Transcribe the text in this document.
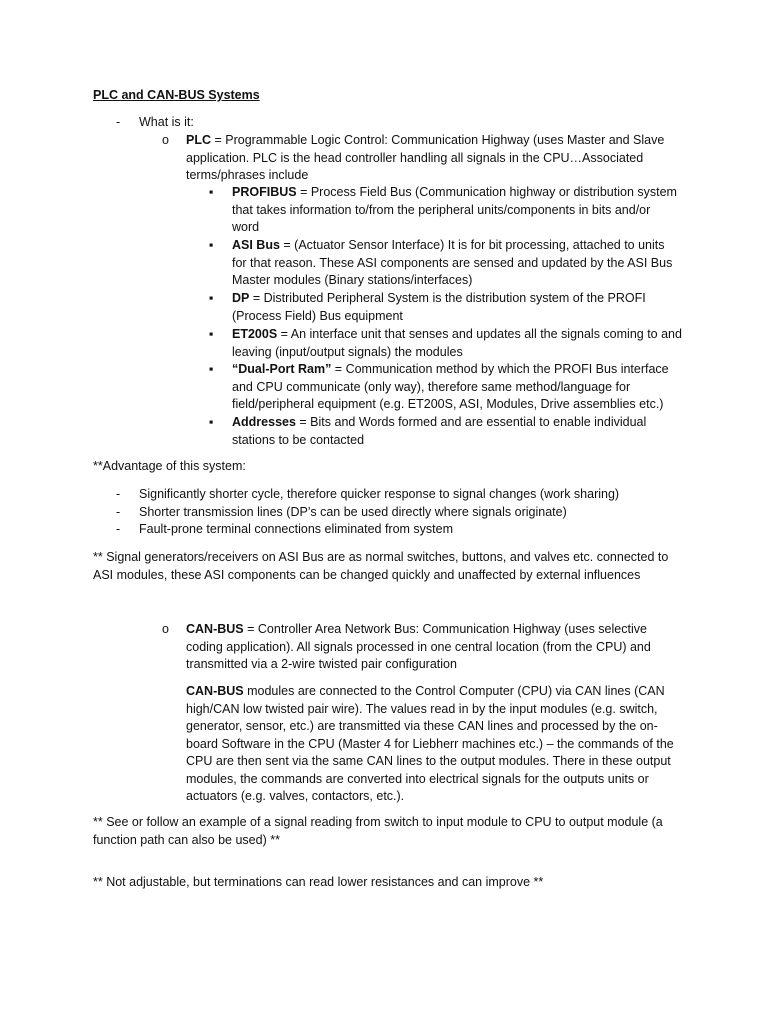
PLC and CAN-BUS Systems
- What is it:
o PLC = Programmable Logic Control: Communication Highway (uses Master and Slave
application. PLC is the head controller handling all signals in the CPU…Associated
terms/phrases include
▪ PROFIBUS = Process Field Bus (Communication highway or distribution system
that takes information to/from the peripheral units/components in bits and/or
word
▪ ASI Bus = (Actuator Sensor Interface) It is for bit processing, attached to units
for that reason. These ASI components are sensed and updated by the ASI Bus
Master modules (Binary stations/interfaces)
▪ DP = Distributed Peripheral System is the distribution system of the PROFI
(Process Field) Bus equipment
▪ ET200S = An interface unit that senses and updates all the signals coming to and
leaving (input/output signals) the modules
▪ “Dual-Port Ram” = Communication method by which the PROFI Bus interface
and CPU communicate (only way), therefore same method/language for
field/peripheral equipment (e.g. ET200S, ASI, Modules, Drive assemblies etc.)
▪ Addresses = Bits and Words formed and are essential to enable individual
stations to be contacted
**Advantage of this system:
- Significantly shorter cycle, therefore quicker response to signal changes (work sharing)
- Shorter transmission lines (DP’s can be used directly where signals originate)
- Fault-prone terminal connections eliminated from system
** Signal generators/receivers on ASI Bus are as normal switches, buttons, and valves etc. connected to
ASI modules, these ASI components can be changed quickly and unaffected by external influences
o CAN-BUS = Controller Area Network Bus: Communication Highway (uses selective
coding application). All signals processed in one central location (from the CPU) and
transmitted via a 2-wire twisted pair configuration
CAN-BUS modules are connected to the Control Computer (CPU) via CAN lines (CAN
high/CAN low twisted pair wire). The values read in by the input modules (e.g. switch,
generator, sensor, etc.) are transmitted via these CAN lines and processed by the on-
board Software in the CPU (Master 4 for Liebherr machines etc.) – the commands of the
CPU are then sent via the same CAN lines to the output modules. There in these output
modules, the commands are converted into electrical signals for the outputs units or
actuators (e.g. valves, contactors, etc.).
** See or follow an example of a signal reading from switch to input module to CPU to output module (a
function path can also be used) **
** Not adjustable, but terminations can read lower resistances and can improve **
